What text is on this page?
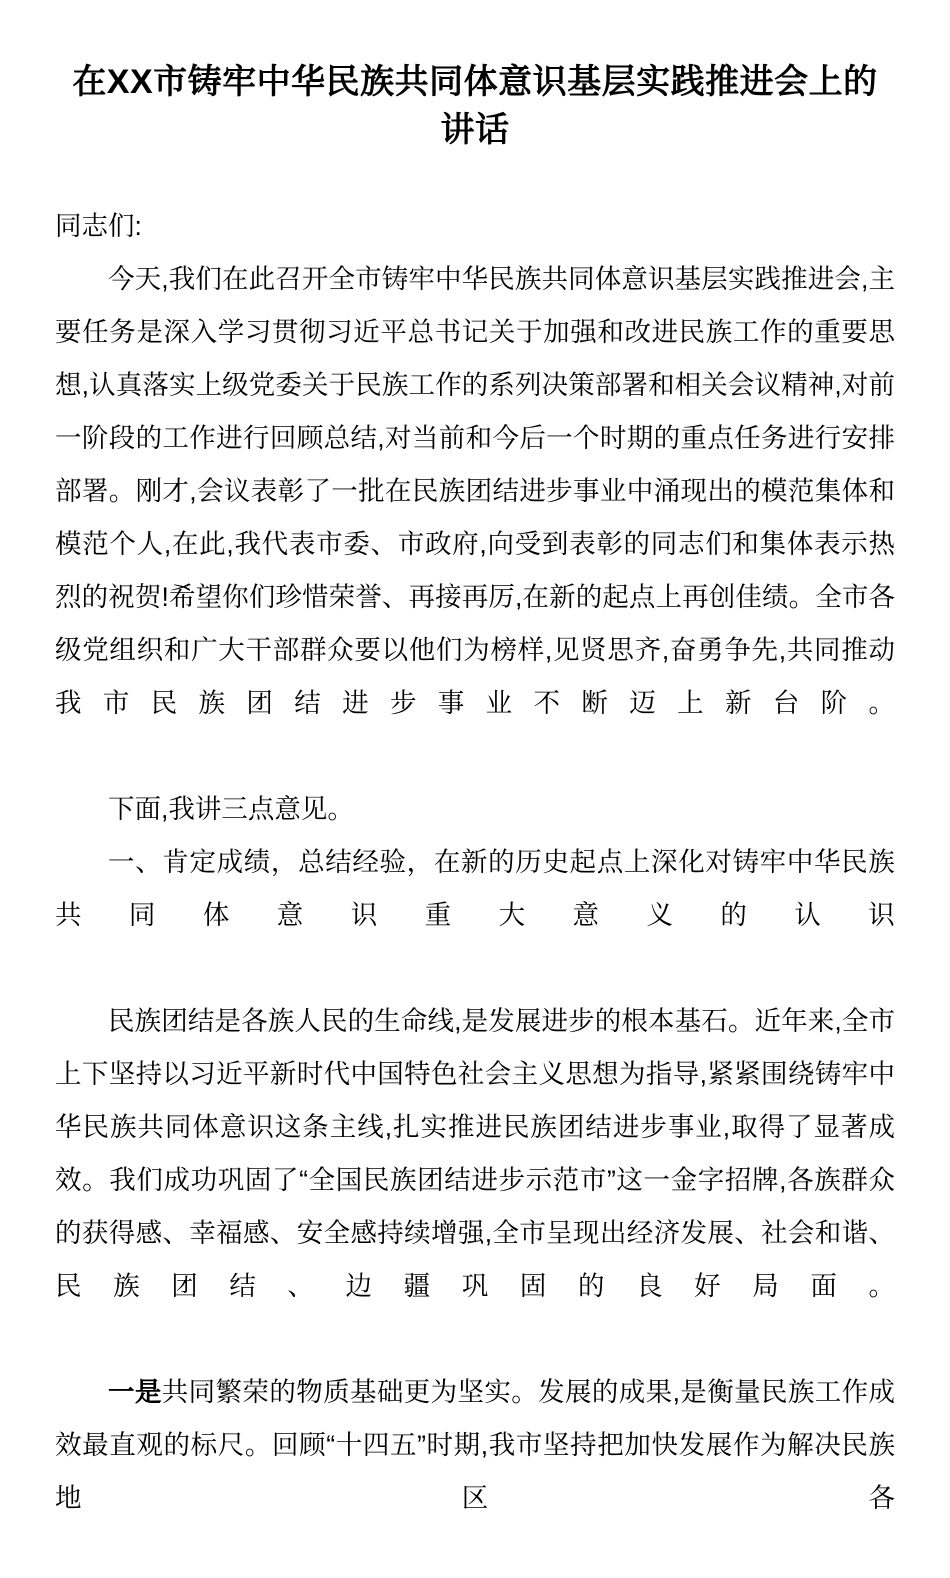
在XX市铸牢中华民族共同体意识基层实践推进会上的讲话

同志们:

今天,我们在此召开全市铸牢中华民族共同体意识基层实践推进会,主要任务是深入学习贯彻习近平总书记关于加强和改进民族工作的重要思想,认真落实上级党委关于民族工作的系列决策部署和相关会议精神,对前一阶段的工作进行回顾总结,对当前和今后一个时期的重点任务进行安排部署。刚才,会议表彰了一批在民族团结进步事业中涌现出的模范集体和模范个人,在此,我代表市委、市政府,向受到表彰的同志们和集体表示热烈的祝贺!希望你们珍惜荣誉、再接再厉,在新的起点上再创佳绩。全市各级党组织和广大干部群众要以他们为榜样,见贤思齐,奋勇争先,共同推动我市民族团结进步事业不断迈上新台阶。

下面,我讲三点意见。

一、肯定成绩，总结经验，在新的历史起点上深化对铸牢中华民族共同体意识重大意义的认识

民族团结是各族人民的生命线,是发展进步的根本基石。近年来,全市上下坚持以习近平新时代中国特色社会主义思想为指导,紧紧围绕铸牢中华民族共同体意识这条主线,扎实推进民族团结进步事业,取得了显著成效。我们成功巩固了“全国民族团结进步示范市”这一金字招牌,各族群众的获得感、幸福感、安全感持续增强,全市呈现出经济发展、社会和谐、民族团结、边疆巩固的良好局面。

一是共同繁荣的物质基础更为坚实。发展的成果,是衡量民族工作成效最直观的标尺。回顾“十四五”时期,我市坚持把加快发展作为解决民族地区各
